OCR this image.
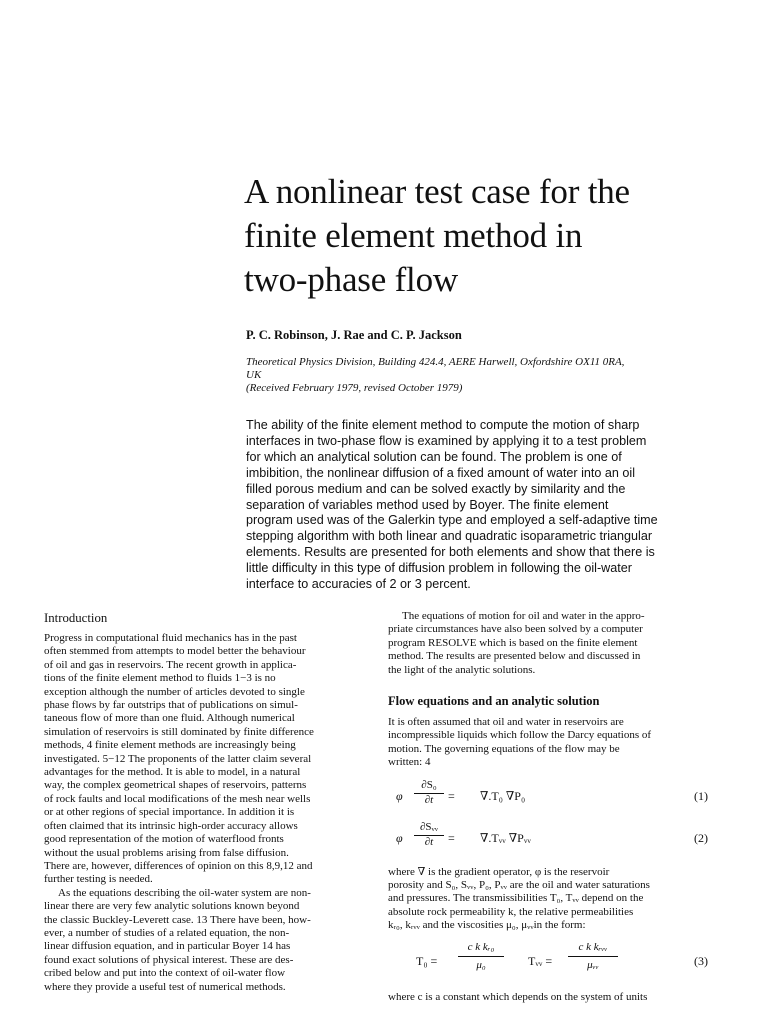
A nonlinear test case for the
finite element method in
two-phase flow
P. C. Robinson, J. Rae and C. P. Jackson
Theoretical Physics Division, Building 424.4, AERE Harwell, Oxfordshire OX11 0RA,
UK
(Received February 1979, revised October 1979)
The ability of the finite element method to compute the motion of sharp
interfaces in two-phase flow is examined by applying it to a test problem
for which an analytical solution can be found. The problem is one of
imbibition, the nonlinear diffusion of a fixed amount of water into an oil
filled porous medium and can be solved exactly by similarity and the
separation of variables method used by Boyer. The finite element
program used was of the Galerkin type and employed a self-adaptive time
stepping algorithm with both linear and quadratic isoparametric triangular
elements. Results are presented for both elements and show that there is
little difficulty in this type of diffusion problem in following the oil-water
interface to accuracies of 2 or 3 percent.
Introduction
Progress in computational fluid mechanics has in the past
often stemmed from attempts to model better the behaviour
of oil and gas in reservoirs. The recent growth in applica-
tions of the finite element method to fluids 1−3 is no
exception although the number of articles devoted to single
phase flows by far outstrips that of publications on simul-
taneous flow of more than one fluid. Although numerical
simulation of reservoirs is still dominated by finite difference
methods, 4 finite element methods are increasingly being
investigated. 5−12 The proponents of the latter claim several
advantages for the method. It is able to model, in a natural
way, the complex geometrical shapes of reservoirs, patterns
of rock faults and local modifications of the mesh near wells
or at other regions of special importance. In addition it is
often claimed that its intrinsic high-order accuracy allows
good representation of the motion of waterflood fronts
without the usual problems arising from false diffusion.
There are, however, differences of opinion on this 8,9,12 and
further testing is needed.
As the equations describing the oil-water system are non-
linear there are very few analytic solutions known beyond
the classic Buckley-Leverett case. 13 There have been, how-
ever, a number of studies of a related equation, the non-
linear diffusion equation, and in particular Boyer 14 has
found exact solutions of physical interest. These are des-
cribed below and put into the context of oil-water flow
where they provide a useful test of numerical methods.
The equations of motion for oil and water in the appro-
priate circumstances have also been solved by a computer
program RESOLVE which is based on the finite element
method. The results are presented below and discussed in
the light of the analytic solutions.
Flow equations and an analytic solution
It is often assumed that oil and water in reservoirs are
incompressible liquids which follow the Darcy equations of
motion. The governing equations of the flow may be
written: 4
φ $\frac{\text{∂S₀}}{\partial t} = \nabla.T_0$ ∇P₀	(1)
φ
∂Sᵥᵥ
∂t	= ∇.Tᵥᵥ ∇Pᵥᵥ	(2)
where ∇ is the gradient operator, φ is the reservoir
porosity and S₀, Sᵥᵥ, P₀, Pᵥᵥ are the oil and water saturations
and pressures. The transmissibilities T₀, Tᵥᵥ depend on the
absolute rock permeability k, the relative permeabilities
kᵣ₀, kᵣᵥᵥ and the viscosities μ₀, μᵥᵥin the form:
$T_0 = \frac{\text{c k kᵣ₀}}{\text{μ₀}}$ Tᵥᵥ =
c k kᵣᵥᵥ
μᵥᵥ	(3)
where c is a constant which depends on the system of units
